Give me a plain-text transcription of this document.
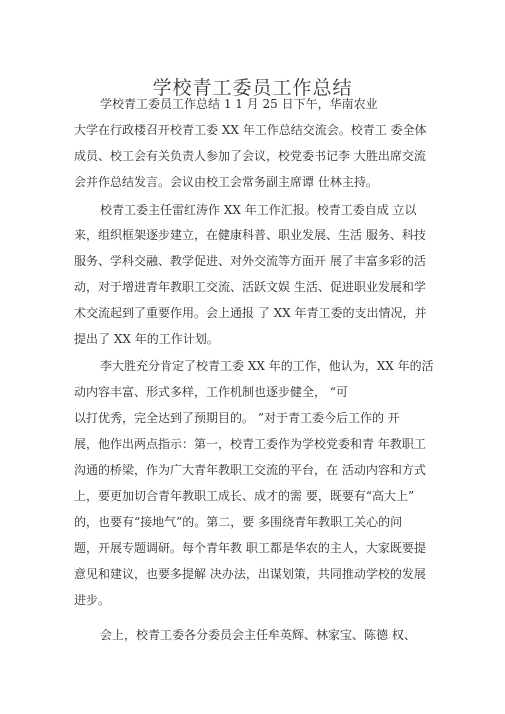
学校青工委员工作总结
学校青工委员工作总结 1 1 月 25 日下午，华南农业
大学在行政楼召开校青工委 XX 年工作总结交流会。校青工 委全体
成员、校工会有关负责人参加了会议，校党委书记李 大胜出席交流
会并作总结发言。会议由校工会常务副主席谭 仕林主持。
校青工委主任雷红涛作 XX 年工作汇报。校青工委自成 立以
来，组织框架逐步建立，在健康科普、职业发展、生活 服务、科技
服务、学科交融、教学促进、对外交流等方面开 展了丰富多彩的活
动，对于增进青年教职工交流、活跃文娱 生活、促进职业发展和学
术交流起到了重要作用。会上通报 了 XX 年青工委的支出情况，并
提出了 XX 年的工作计划。
李大胜充分肯定了校青工委 XX 年的工作，他认为，XX 年的活
动内容丰富、形式多样，工作机制也逐步健全， “可
以打优秀，完全达到了预期目的。 ”对于青工委今后工作的 开
展，他作出两点指示：第一，校青工委作为学校党委和青 年教职工
沟通的桥梁，作为广大青年教职工交流的平台，在 活动内容和方式
上，要更加切合青年教职工成长、成才的需 要，既要有“高大上”
的，也要有“接地气”的。第二，要 多围绕青年教职工关心的问
题，开展专题调研。每个青年教 职工都是华农的主人，大家既要提
意见和建议，也要多提解 决办法，出谋划策，共同推动学校的发展
进步。
会上，校青工委各分委员会主任牟英辉、林家宝、陈德 权、
